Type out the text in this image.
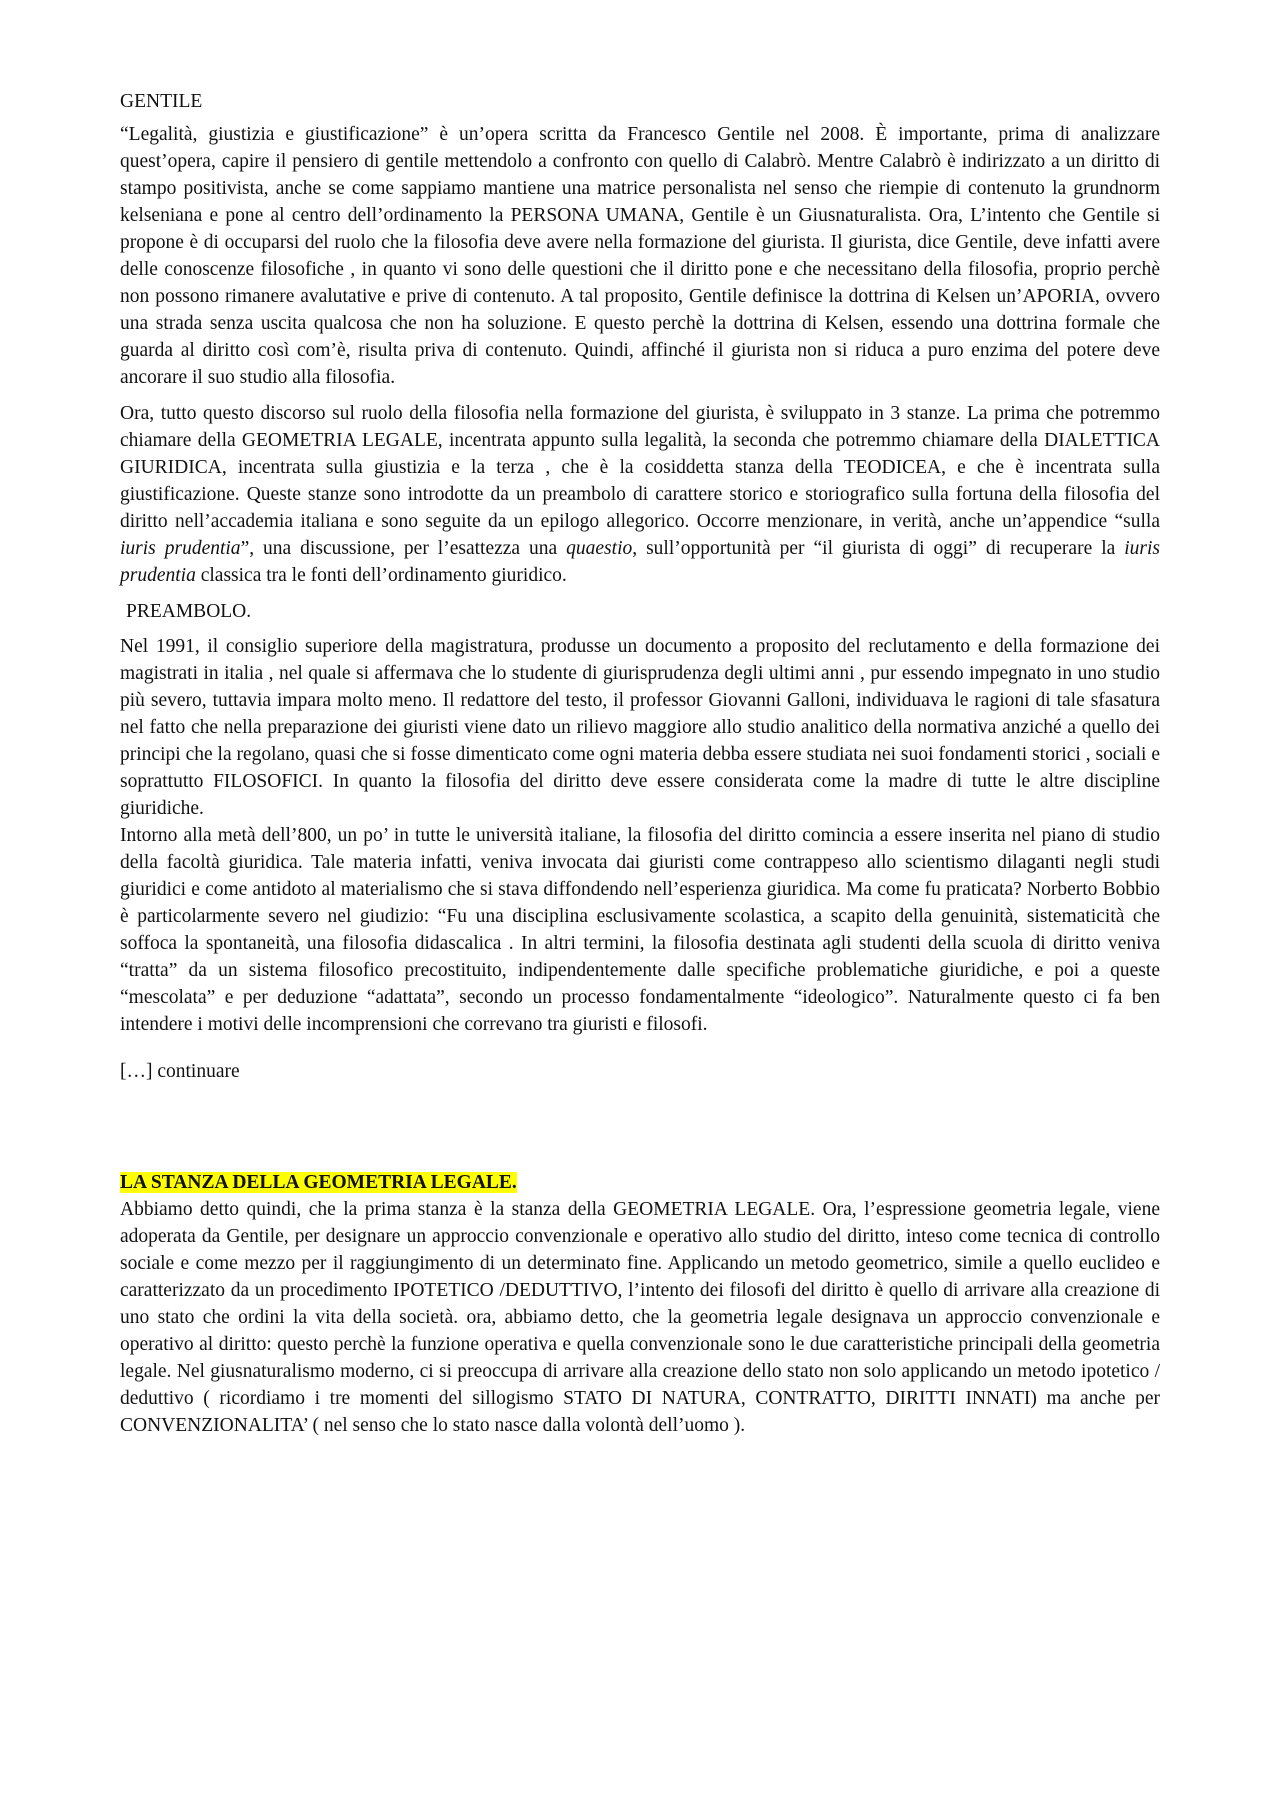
GENTILE

“Legalità, giustizia e giustificazione” è un’opera scritta da Francesco Gentile nel 2008. È importante, prima di analizzare quest’opera, capire il pensiero di gentile mettendolo a confronto con quello di Calabrò. Mentre Calabrò è indirizzato a un diritto di stampo positivista, anche se come sappiamo mantiene una matrice personalista nel senso che riempie di contenuto la grundnorm kelseniana e pone al centro dell’ordinamento la PERSONA UMANA, Gentile è un Giusnaturalista. Ora, L’intento che Gentile si propone è di occuparsi del ruolo che la filosofia deve avere nella formazione del giurista. Il giurista, dice Gentile, deve infatti avere delle conoscenze filosofiche , in quanto vi sono delle questioni che il diritto pone e che necessitano della filosofia, proprio perchè non possono rimanere avalutative e prive di contenuto. A tal proposito, Gentile definisce la dottrina di Kelsen un’APORIA, ovvero una strada senza uscita qualcosa che non ha soluzione. E questo perchè la dottrina di Kelsen, essendo una dottrina formale che guarda al diritto così com’è, risulta priva di contenuto. Quindi, affinché il giurista non si riduca a puro enzima del potere deve ancorare il suo studio alla filosofia.

Ora, tutto questo discorso sul ruolo della filosofia nella formazione del giurista, è sviluppato in 3 stanze. La prima che potremmo chiamare della GEOMETRIA LEGALE, incentrata appunto sulla legalità, la seconda che potremmo chiamare della DIALETTICA GIURIDICA, incentrata sulla giustizia e la terza , che è la cosiddetta stanza della TEODICEA, e che è incentrata sulla giustificazione. Queste stanze sono introdotte da un preambolo di carattere storico e storiografico sulla fortuna della filosofia del diritto nell’accademia italiana e sono seguite da un epilogo allegorico. Occorre menzionare, in verità, anche un’appendice “sulla iuris prudentia”, una discussione, per l’esattezza una quaestio, sull’opportunità per “il giurista di oggi” di recuperare la iuris prudentia classica tra le fonti dell’ordinamento giuridico.

PREAMBOLO.

Nel 1991, il consiglio superiore della magistratura, produsse un documento a proposito del reclutamento e della formazione dei magistrati in italia , nel quale si affermava che lo studente di giurisprudenza degli ultimi anni , pur essendo impegnato in uno studio più severo, tuttavia impara molto meno. Il redattore del testo, il professor Giovanni Galloni, individuava le ragioni di tale sfasatura nel fatto che nella preparazione dei giuristi viene dato un rilievo maggiore allo studio analitico della normativa anziché a quello dei principi che la regolano, quasi che si fosse dimenticato come ogni materia debba essere studiata nei suoi fondamenti storici , sociali e soprattutto FILOSOFICI. In quanto la filosofia del diritto deve essere considerata come la madre di tutte le altre discipline giuridiche.

Intorno alla metà dell’800, un po’ in tutte le università italiane, la filosofia del diritto comincia a essere inserita nel piano di studio della facoltà giuridica. Tale materia infatti, veniva invocata dai giuristi come contrappeso allo scientismo dilaganti negli studi giuridici e come antidoto al materialismo che si stava diffondendo nell’esperienza giuridica. Ma come fu praticata? Norberto Bobbio è particolarmente severo nel giudizio: “Fu una disciplina esclusivamente scolastica, a scapito della genuinità, sistematicità che soffoca la spontaneità, una filosofia didascalica . In altri termini, la filosofia destinata agli studenti della scuola di diritto veniva “tratta” da un sistema filosofico precostituito, indipendentemente dalle specifiche problematiche giuridiche, e poi a queste “mescolata” e per deduzione “adattata”, secondo un processo fondamentalmente “ideologico”. Naturalmente questo ci fa ben intendere i motivi delle incomprensioni che correvano tra giuristi e filosofi.

[…] continuare
LA STANZA DELLA GEOMETRIA LEGALE.

Abbiamo detto quindi, che la prima stanza è la stanza della GEOMETRIA LEGALE. Ora, l’espressione geometria legale, viene adoperata da Gentile, per designare un approccio convenzionale e operativo allo studio del diritto, inteso come tecnica di controllo sociale e come mezzo per il raggiungimento di un determinato fine. Applicando un metodo geometrico, simile a quello euclideo e caratterizzato da un procedimento IPOTETICO /DEDUTTIVO, l’intento dei filosofi del diritto è quello di arrivare alla creazione di uno stato che ordini la vita della società. ora, abbiamo detto, che la geometria legale designava un approccio convenzionale e operativo al diritto: questo perchè la funzione operativa e quella convenzionale sono le due caratteristiche principali della geometria legale. Nel giusnaturalismo moderno, ci si preoccupa di arrivare alla creazione dello stato non solo applicando un metodo ipotetico / deduttivo ( ricordiamo i tre momenti del sillogismo STATO DI NATURA, CONTRATTO, DIRITTI INNATI) ma anche per CONVENZIONALITA’ ( nel senso che lo stato nasce dalla volontà dell’uomo ).
